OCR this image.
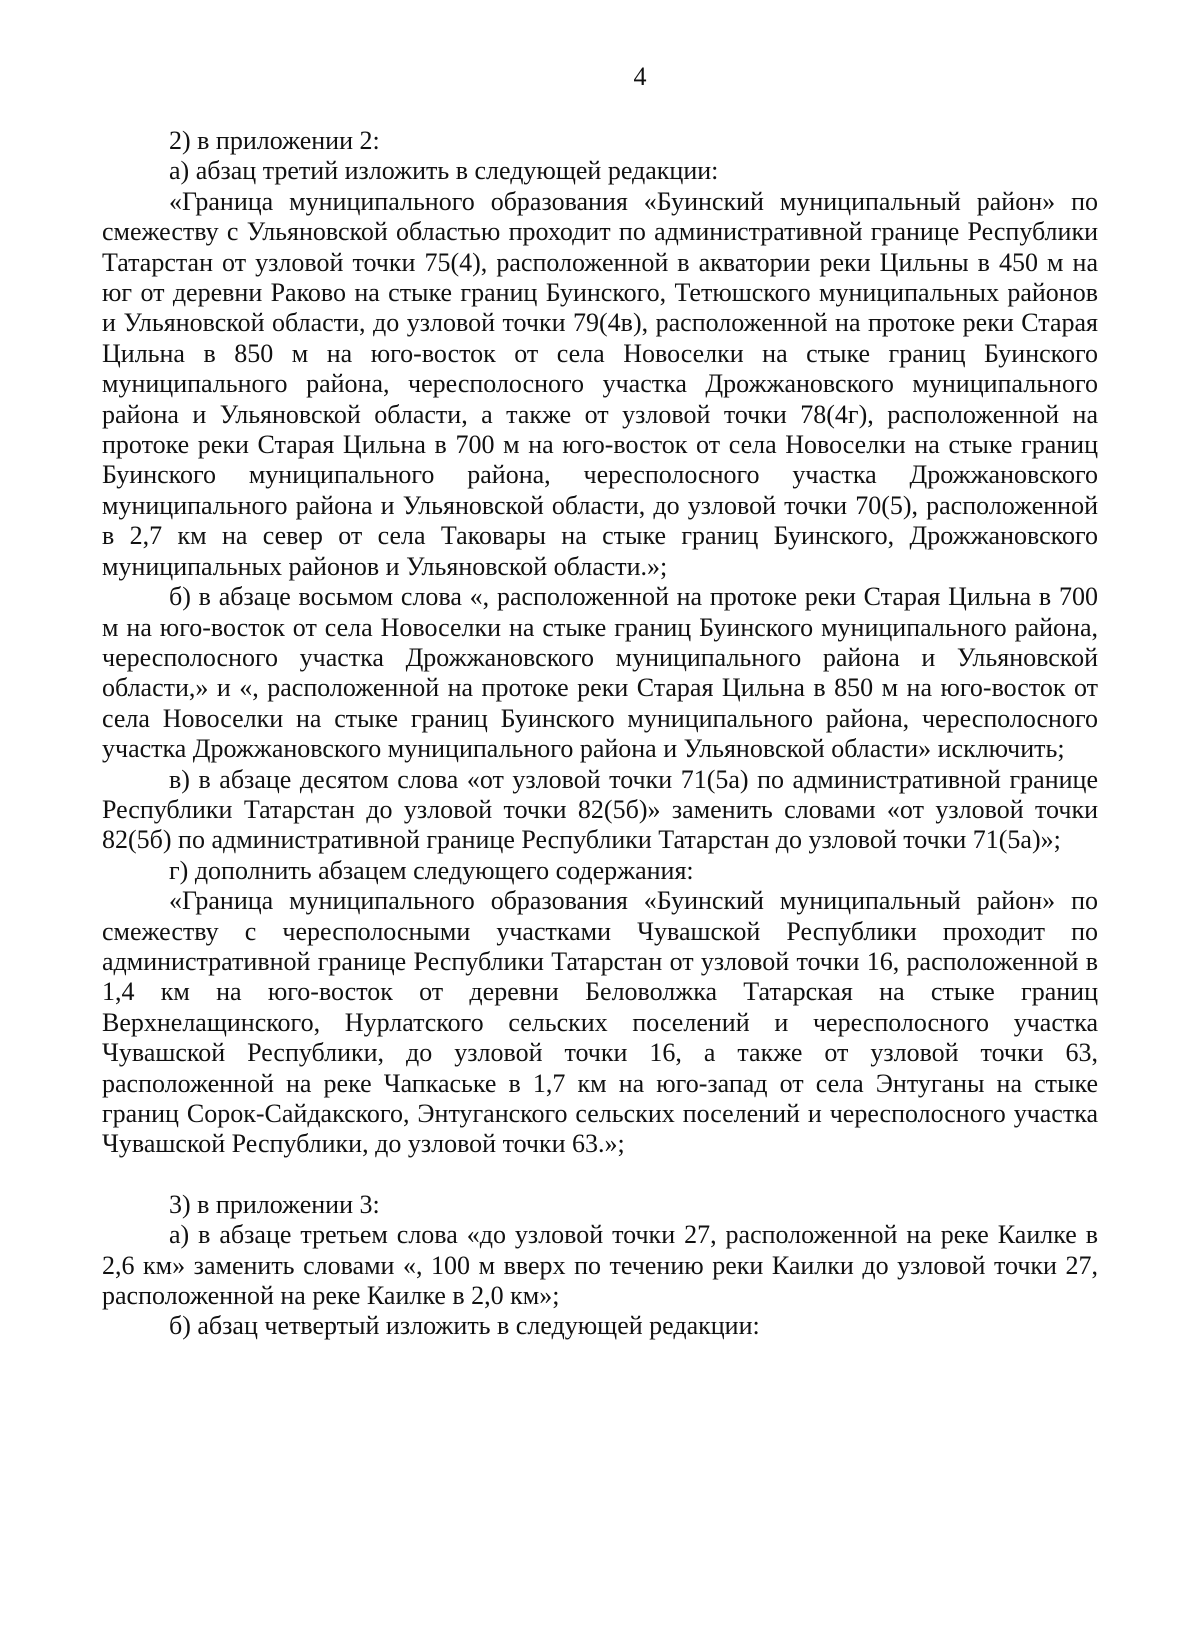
4

2) в приложении 2:

а) абзац третий изложить в следующей редакции:

«Граница муниципального образования «Буинский муниципальный район» по смежеству с Ульяновской областью проходит по административной границе Республики Татарстан от узловой точки 75(4), расположенной в акватории реки Цильны в 450 м на юг от деревни Раково на стыке границ Буинского, Тетюшского муниципальных районов и Ульяновской области, до узловой точки 79(4в), расположенной на протоке реки Старая Цильна в 850 м на юго-восток от села Новоселки на стыке границ Буинского муниципального района, чересполосного участка Дрожжановского муниципального района и Ульяновской области, а также от узловой точки 78(4г), расположенной на протоке реки Старая Цильна в 700 м на юго-восток от села Новоселки на стыке границ Буинского муниципального района, чересполосного участка Дрожжановского муниципального района и Ульяновской области, до узловой точки 70(5), расположенной в 2,7 км на север от села Таковары на стыке границ Буинского, Дрожжановского муниципальных районов и Ульяновской области.»;

б) в абзаце восьмом слова «, расположенной на протоке реки Старая Цильна в 700 м на юго-восток от села Новоселки на стыке границ Буинского муниципального района, чересполосного участка Дрожжановского муниципального района и Ульяновской области,» и «, расположенной на протоке реки Старая Цильна в 850 м на юго-восток от села Новоселки на стыке границ Буинского муниципального района, чересполосного участка Дрожжановского муниципального района и Ульяновской области» исключить;

в) в абзаце десятом слова «от узловой точки 71(5а) по административной границе Республики Татарстан до узловой точки 82(5б)» заменить словами «от узловой точки 82(5б) по административной границе Республики Татарстан до узловой точки 71(5а)»;

г) дополнить абзацем следующего содержания:

«Граница муниципального образования «Буинский муниципальный район» по смежеству с чересполосными участками Чувашской Республики проходит по административной границе Республики Татарстан от узловой точки 16, расположенной в 1,4 км на юго-восток от деревни Беловолжка Татарская на стыке границ Верхнелащинского, Нурлатского сельских поселений и чересполосного участка Чувашской Республики, до узловой точки 16, а также от узловой точки 63, расположенной на реке Чапкаське в 1,7 км на юго-запад от села Энтуганы на стыке границ Сорок-Сайдакского, Энтуганского сельских поселений и чересполосного участка Чувашской Республики, до узловой точки 63.»;

3) в приложении 3:

а) в абзаце третьем слова «до узловой точки 27, расположенной на реке Каилке в 2,6 км» заменить словами «, 100 м вверх по течению реки Каилки до узловой точки 27, расположенной на реке Каилке в 2,0 км»;

б) абзац четвертый изложить в следующей редакции:
